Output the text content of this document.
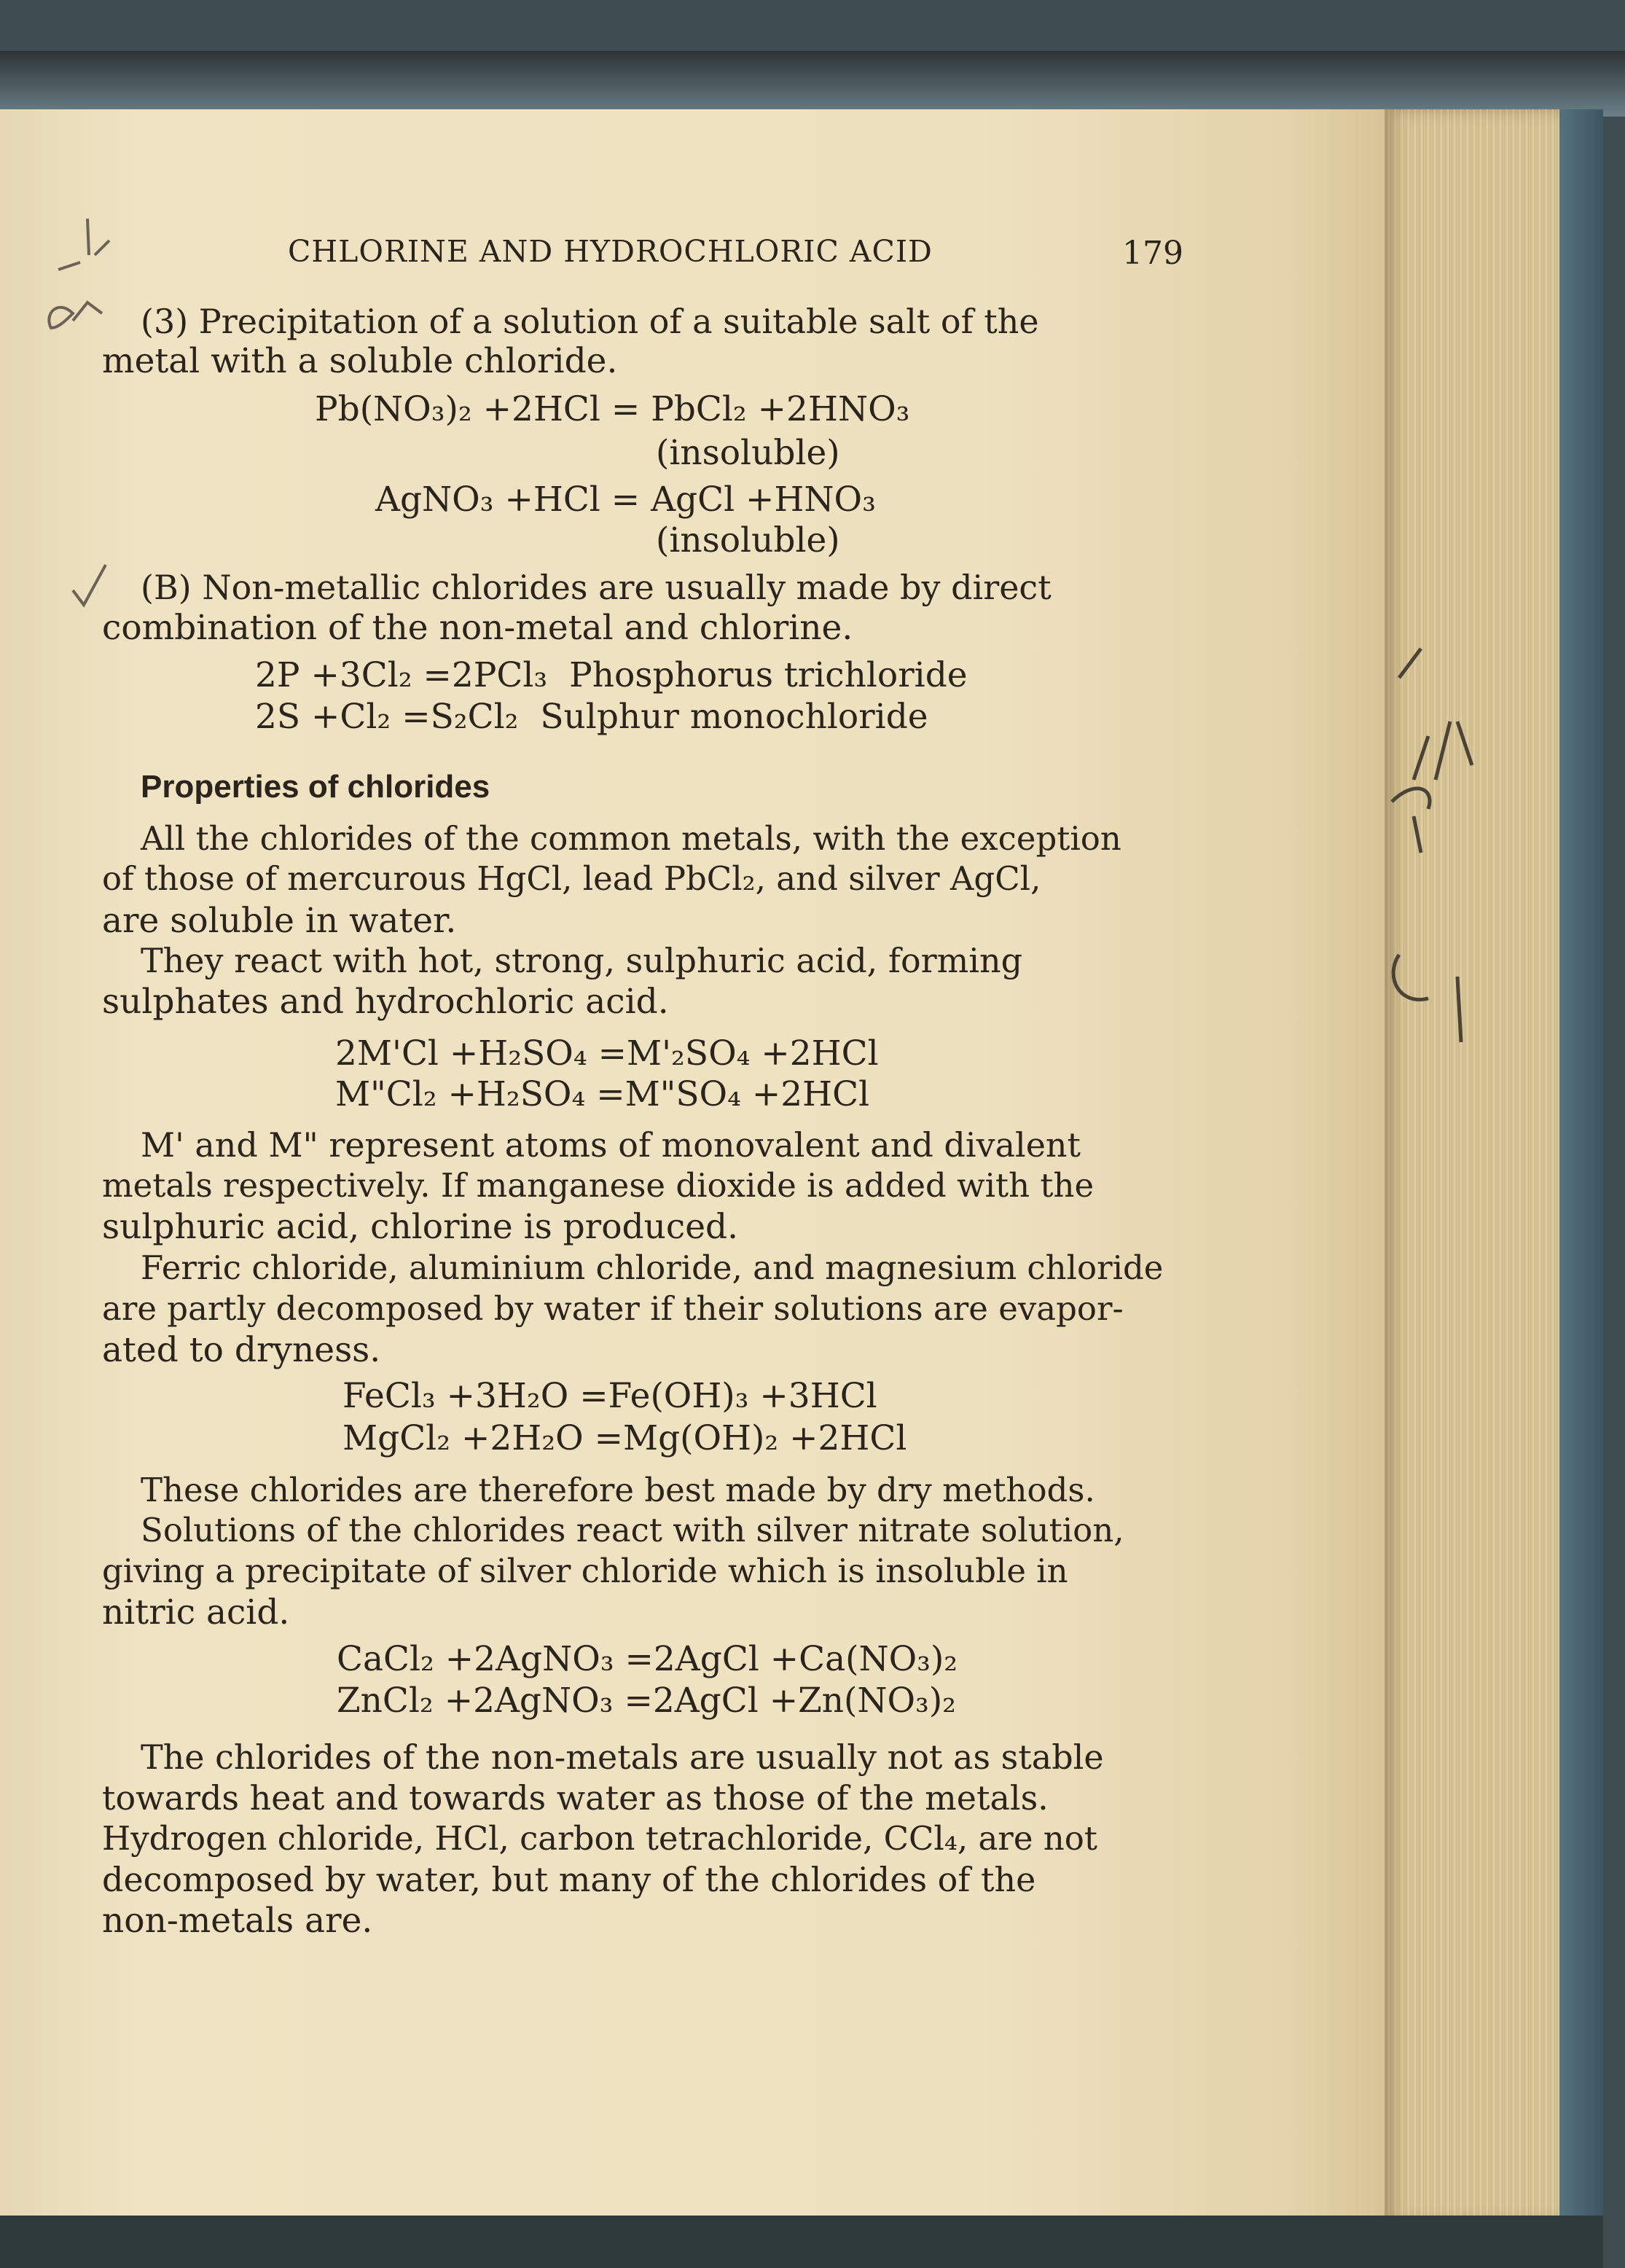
CHLORINE AND HYDROCHLORIC ACID	179
(3) Precipitation of a solution of a suitable salt of the
metal with a soluble chloride.
Pb(NO₃)₂ +2HCl = PbCl₂ +2HNO₃
(insoluble)
AgNO₃ +HCl = AgCl +HNO₃
(insoluble)
(B) Non-metallic chlorides are usually made by direct
combination of the non-metal and chlorine.
2P +3Cl₂ =2PCl₃  Phosphorus trichloride
2S +Cl₂ =S₂Cl₂  Sulphur monochloride
Properties of chlorides
All the chlorides of the common metals, with the exception
of those of mercurous HgCl, lead PbCl₂, and silver AgCl,
are soluble in water.
They react with hot, strong, sulphuric acid, forming
sulphates and hydrochloric acid.
2M'Cl +H₂SO₄ =M'₂SO₄ +2HCl
M"Cl₂ +H₂SO₄ =M"SO₄ +2HCl
M' and M" represent atoms of monovalent and divalent
metals respectively. If manganese dioxide is added with the
sulphuric acid, chlorine is produced.
Ferric chloride, aluminium chloride, and magnesium chloride
are partly decomposed by water if their solutions are evapor-
ated to dryness.
FeCl₃ +3H₂O =Fe(OH)₃ +3HCl
MgCl₂ +2H₂O =Mg(OH)₂ +2HCl
These chlorides are therefore best made by dry methods.
Solutions of the chlorides react with silver nitrate solution,
giving a precipitate of silver chloride which is insoluble in
nitric acid.
CaCl₂ +2AgNO₃ =2AgCl +Ca(NO₃)₂
ZnCl₂ +2AgNO₃ =2AgCl +Zn(NO₃)₂
The chlorides of the non-metals are usually not as stable
towards heat and towards water as those of the metals.
Hydrogen chloride, HCl, carbon tetrachloride, CCl₄, are not
decomposed by water, but many of the chlorides of the
non-metals are.
